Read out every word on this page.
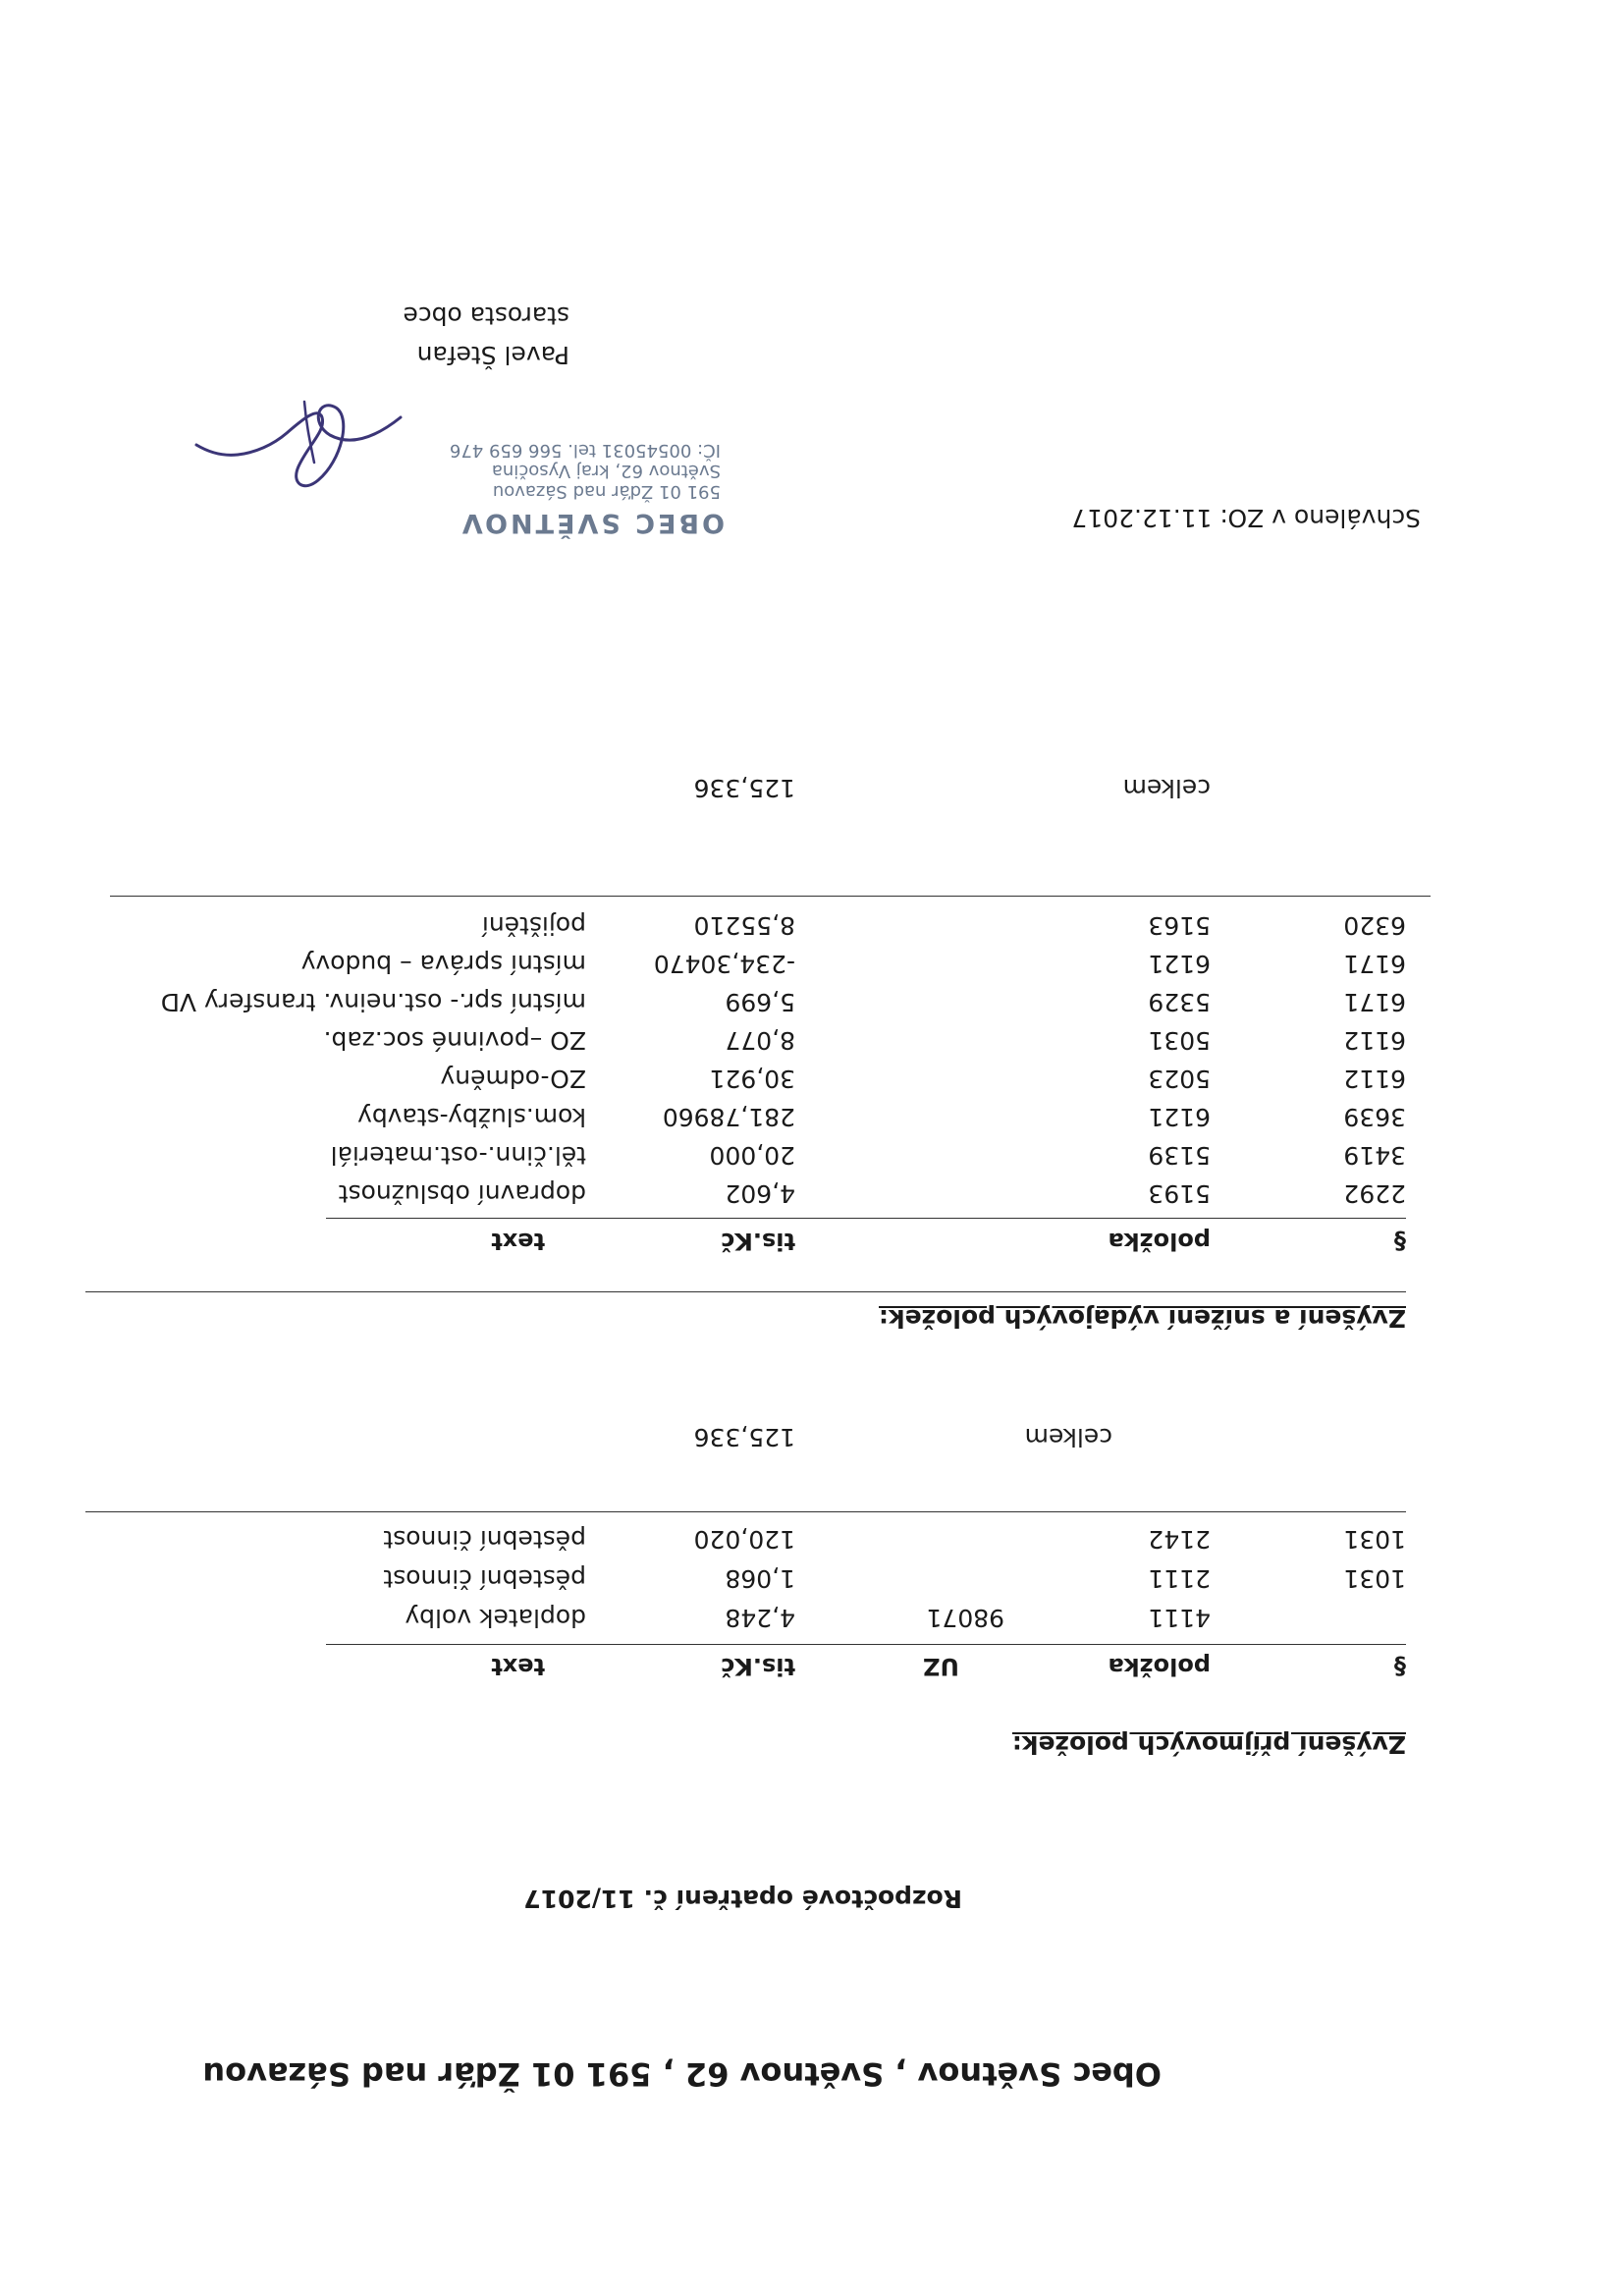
Obec Světnov , Světnov 62 , 591 01 Žďár nad Sázavou
Rozpočtové opatření č. 11/2017
Zvýšení příjmových položek:
§
položka
UZ
tis.Kč
text
4111
98071
4,248
doplatek volby
1031
2111
1,068
pěstební činnost
1031
2142
120,020
pěstební činnost
celkem
125,336
Zvýšení a snížení výdajových položek:
§
položka
tis.Kč
text
2292
5193
4,602
dopravní obslužnost
3419
5139
20,000
těl.činn.-ost.materiál
3639
6121
281,78960
kom.služby-stavby
6112
5023
30,921
ZO-odměny
6112
5031
8,077
ZO –povinné soc.zab.
6171
5329
5,699
místní spr.- ost.neinv. transfery VD
6171
6121
-234,30470
místní správa – budovy
6320
5163
8,55210
pojištění
celkem
125,336
Schváleno v ZO: 11.12.2017
OBEC SVĚTNOV
591 01 Žďár nad Sázavou
Světnov 62, kraj Vysočina
IČ: 00545031 tel. 566 659 476
Pavel Štefan
starosta obce
